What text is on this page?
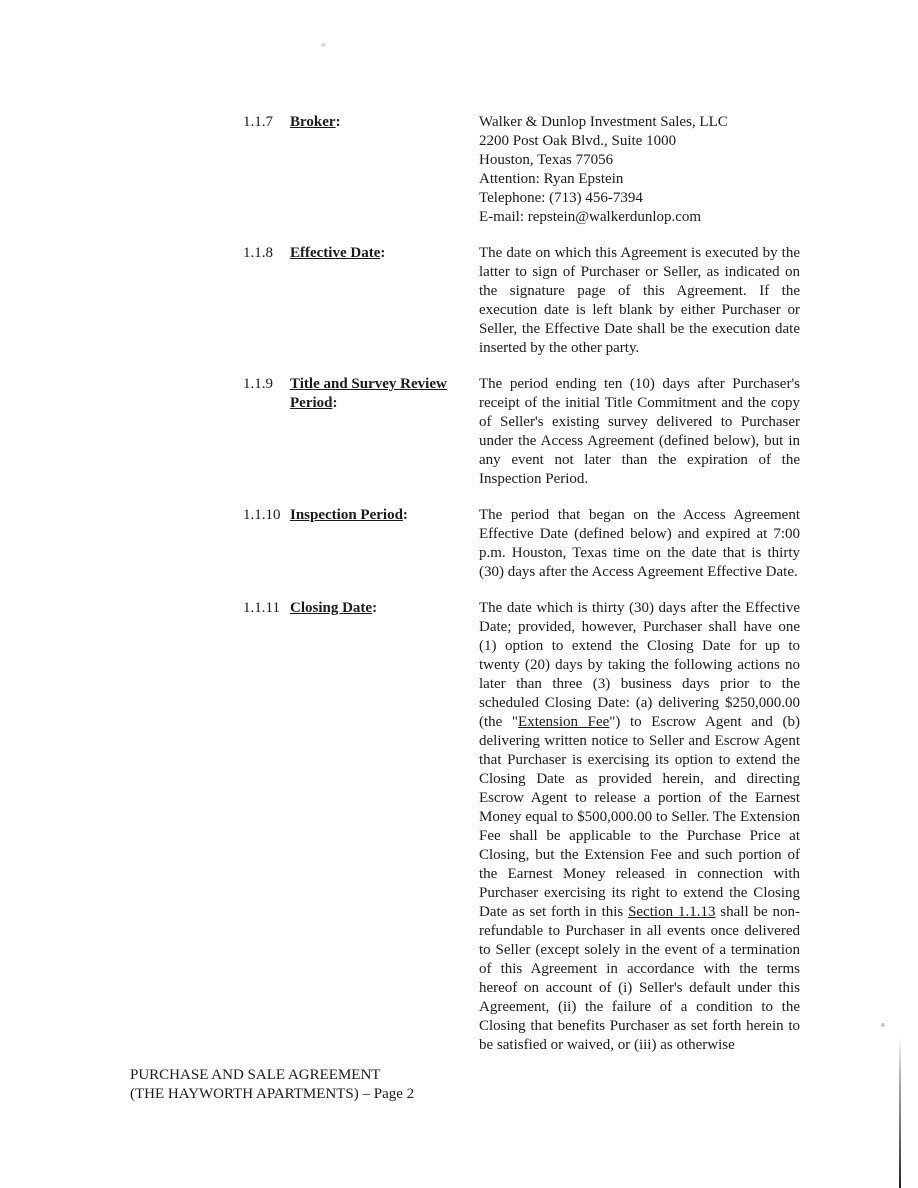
1.1.7	Broker:	Walker & Dunlop Investment Sales, LLC
2200 Post Oak Blvd., Suite 1000
Houston, Texas 77056
Attention: Ryan Epstein
Telephone: (713) 456-7394
E-mail: repstein@walkerdunlop.com
1.1.8	Effective Date:	The date on which this Agreement is executed by the latter to sign of Purchaser or Seller, as indicated on the signature page of this Agreement. If the execution date is left blank by either Purchaser or Seller, the Effective Date shall be the execution date inserted by the other party.
1.1.9	Title and Survey Review Period:
The period ending ten (10) days after Purchaser's receipt of the initial Title Commitment and the copy of Seller's existing survey delivered to Purchaser under the Access Agreement (defined below), but in any event not later than the expiration of the Inspection Period.
1.1.10 Inspection Period:	The period that began on the Access Agreement Effective Date (defined below) and expired at 7:00 p.m. Houston, Texas time on the date that is thirty (30) days after the Access Agreement Effective Date.
1.1.11 Closing Date:	The date which is thirty (30) days after the Effective Date; provided, however, Purchaser shall have one (1) option to extend the Closing Date for up to twenty (20) days by taking the following actions no later than three (3) business days prior to the scheduled Closing Date: (a) delivering $250,000.00 (the "Extension Fee") to Escrow Agent and (b) delivering written notice to Seller and Escrow Agent that Purchaser is exercising its option to extend the Closing Date as provided herein, and directing Escrow Agent to release a portion of the Earnest Money equal to $500,000.00 to Seller. The Extension Fee shall be applicable to the Purchase Price at Closing, but the Extension Fee and such portion of the Earnest Money released in connection with Purchaser exercising its right to extend the Closing Date as set forth in this Section 1.1.13 shall be non-refundable to Purchaser in all events once delivered to Seller (except solely in the event of a termination of this Agreement in accordance with the terms hereof on account of (i) Seller's default under this Agreement, (ii) the failure of a condition to the Closing that benefits Purchaser as set forth herein to be satisfied or waived, or (iii) as otherwise
PURCHASE AND SALE AGREEMENT
(THE HAYWORTH APARTMENTS) – Page 2
